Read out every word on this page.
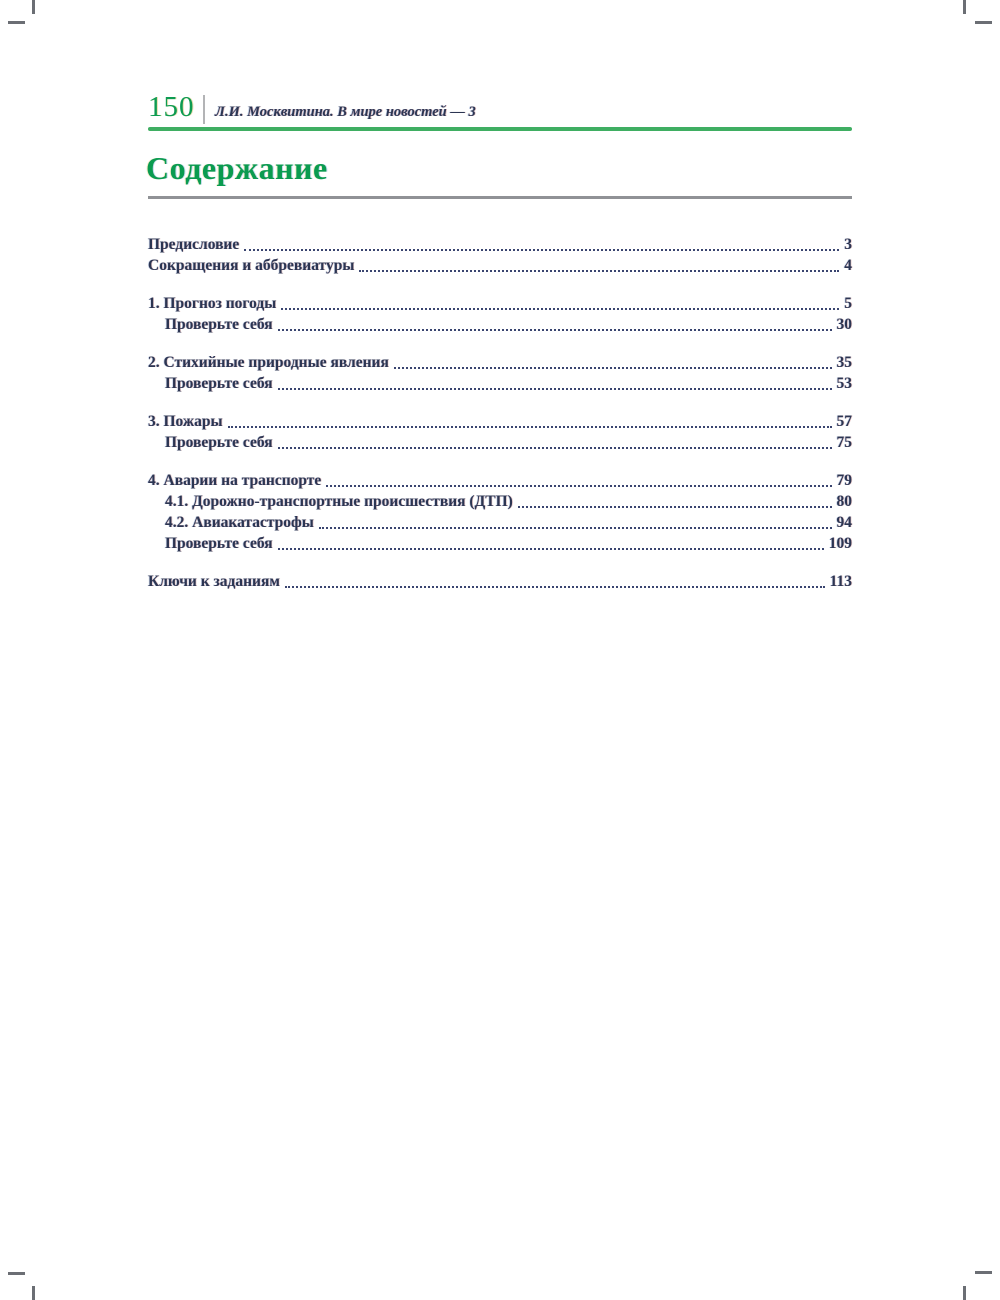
150 Л.И. Москвитина. В мире новостей — 3
Содержание
Предисловие	3
Сокращения и аббревиатуры	4
1. Прогноз погоды	5
Проверьте себя	30
2. Стихийные природные явления	35
Проверьте себя	53
3. Пожары	57
Проверьте себя	75
4. Аварии на транспорте	79
4.1. Дорожно-транспортные происшествия (ДТП)	80
4.2. Авиакатастрофы	94
Проверьте себя	109
Ключи к заданиям	113
